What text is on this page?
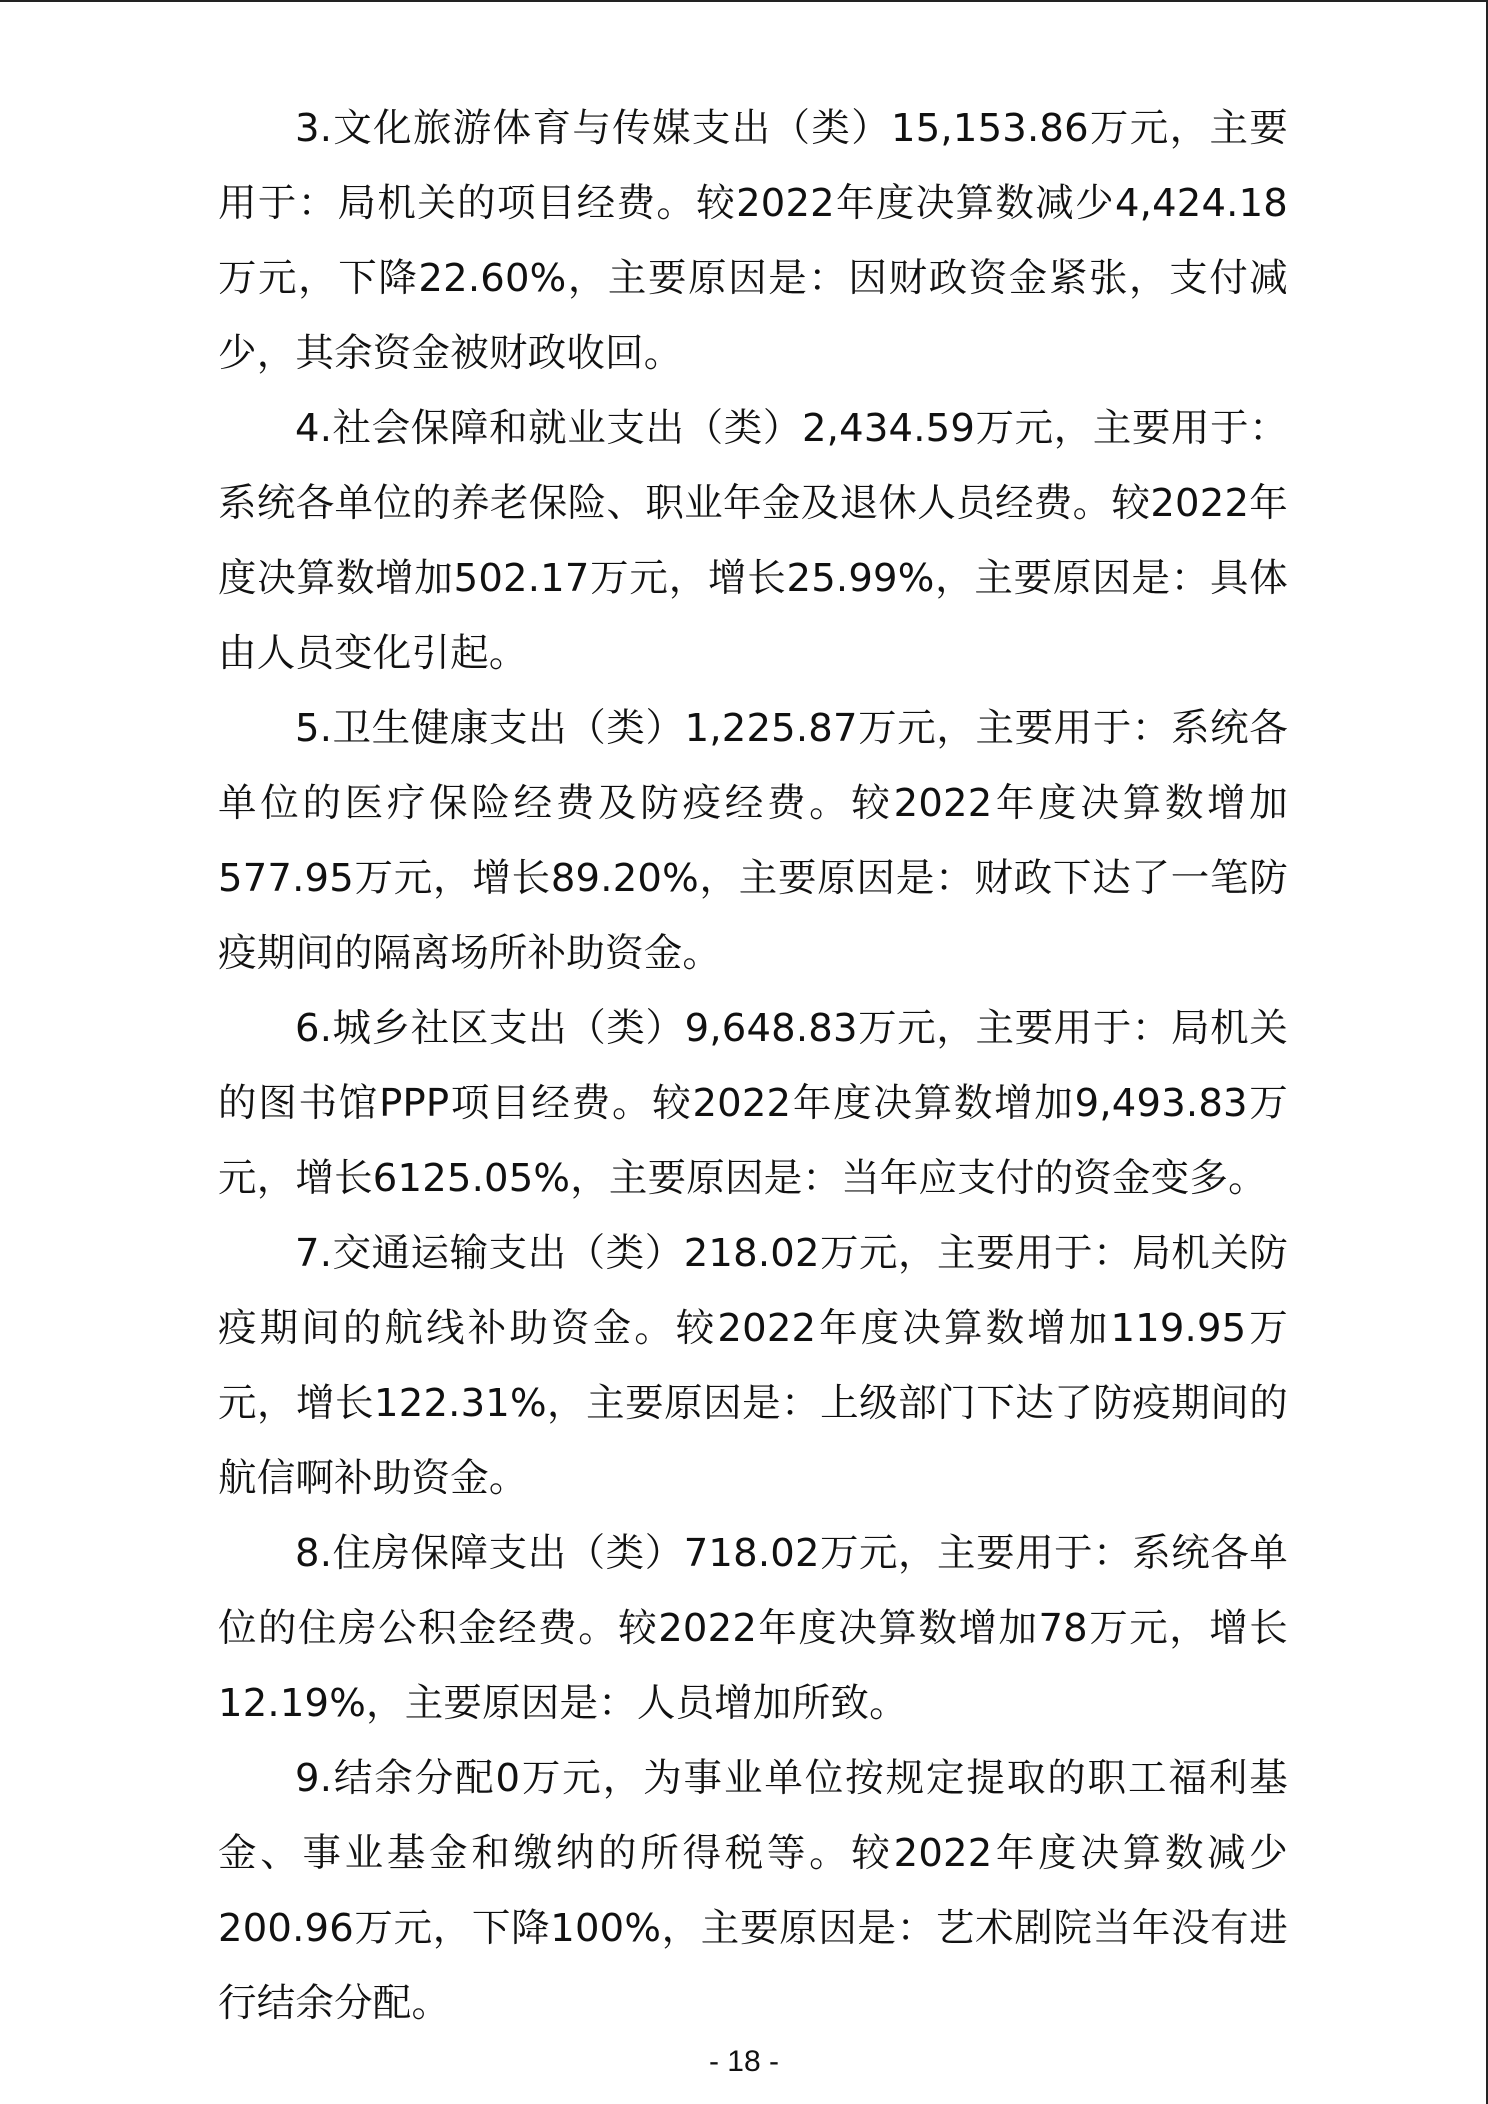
3.文化旅游体育与传媒支出（类）15,153.86万元，主要用于：局机关的项目经费。较2022年度决算数减少4,424.18万元，下降22.60%，主要原因是：因财政资金紧张，支付减少，其余资金被财政收回。

4.社会保障和就业支出（类）2,434.59万元，主要用于：系统各单位的养老保险、职业年金及退休人员经费。较2022年度决算数增加502.17万元，增长25.99%，主要原因是：具体由人员变化引起。

5.卫生健康支出（类）1,225.87万元，主要用于：系统各单位的医疗保险经费及防疫经费。较2022年度决算数增加577.95万元，增长89.20%，主要原因是：财政下达了一笔防疫期间的隔离场所补助资金。

6.城乡社区支出（类）9,648.83万元，主要用于：局机关的图书馆PPP项目经费。较2022年度决算数增加9,493.83万元，增长6125.05%，主要原因是：当年应支付的资金变多。

7.交通运输支出（类）218.02万元，主要用于：局机关防疫期间的航线补助资金。较2022年度决算数增加119.95万元，增长122.31%，主要原因是：上级部门下达了防疫期间的航信啊补助资金。

8.住房保障支出（类）718.02万元，主要用于：系统各单位的住房公积金经费。较2022年度决算数增加78万元，增长12.19%，主要原因是：人员增加所致。

9.结余分配0万元，为事业单位按规定提取的职工福利基金、事业基金和缴纳的所得税等。较2022年度决算数减少200.96万元，下降100%，主要原因是：艺术剧院当年没有进行结余分配。

- 18 -
